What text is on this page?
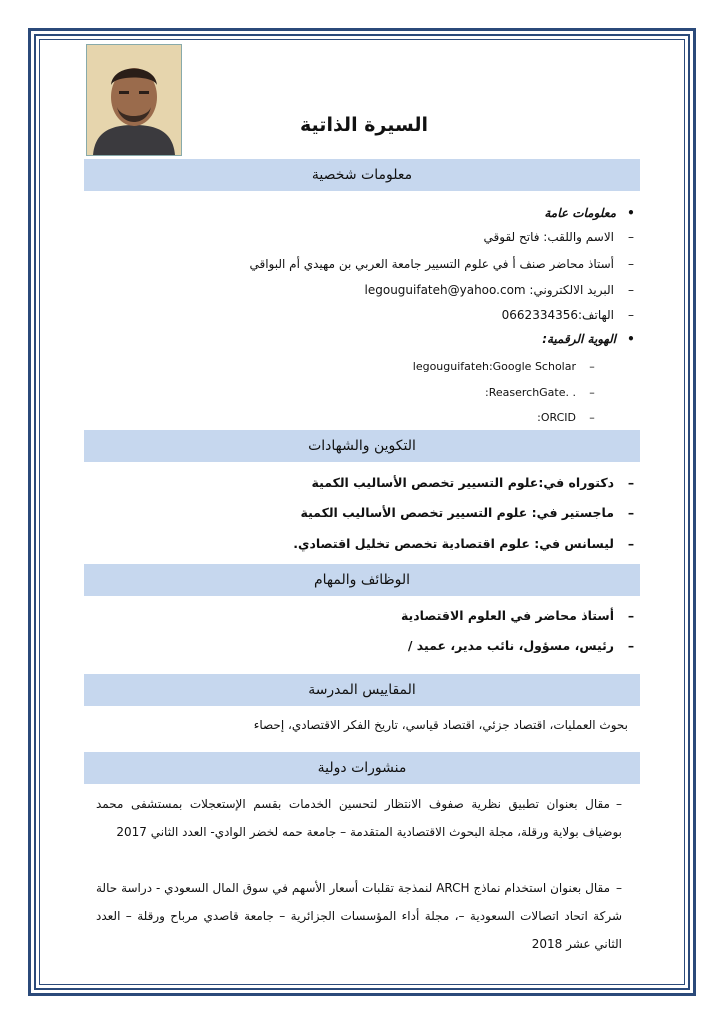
السيرة الذاتية
معلومات شخصية
•معلومات عامة
–الاسم واللقب: فاتح لقوقي
–أستاذ محاضر صنف أ في علوم التسيير جامعة العربي بن مهيدي أم البواقي
–البريد الالكتروني: legouguifateh@yahoo.com
–الهاتف:0662334356
•الهوية الرقمية:
–legouguifateh:Google Scholar
–:ReaserchGate. .
–:ORCID
التكوين والشهادات
–دكتوراه في:علوم التسيير تخصص الأساليب الكمية
–ماجستير في: علوم التسيير تخصص الأساليب الكمية
–ليسانس في: علوم اقتصادية تخصص تخليل اقتصادي.
الوظائف والمهام
–أستاذ محاضر في العلوم الاقتصادية
–رئيس، مسؤول، نائب مدير، عميد /
المقاييس المدرسة
بحوث العمليات، اقتصاد جزئي، اقتصاد قياسي، تاريخ الفكر الاقتصادي، إحصاء
منشورات دولية
–مقال بعنوان تطبيق نظرية صفوف الانتظار لتحسين الخدمات بقسم الإستعجلات بمستشفى محمد بوضياف بولاية ورقلة، مجلة البحوث الاقتصادية المتقدمة – جامعة حمه لخضر الوادي- العدد الثاني 2017
–مقال بعنوان استخدام نماذج ARCH لنمذجة تقلبات أسعار الأسهم في سوق المال السعودي - دراسة حالة شركة اتحاد اتصالات السعودية –، مجلة أداء المؤسسات الجزائرية – جامعة قاصدي مرباح ورقلة – العدد الثاني عشر 2018
